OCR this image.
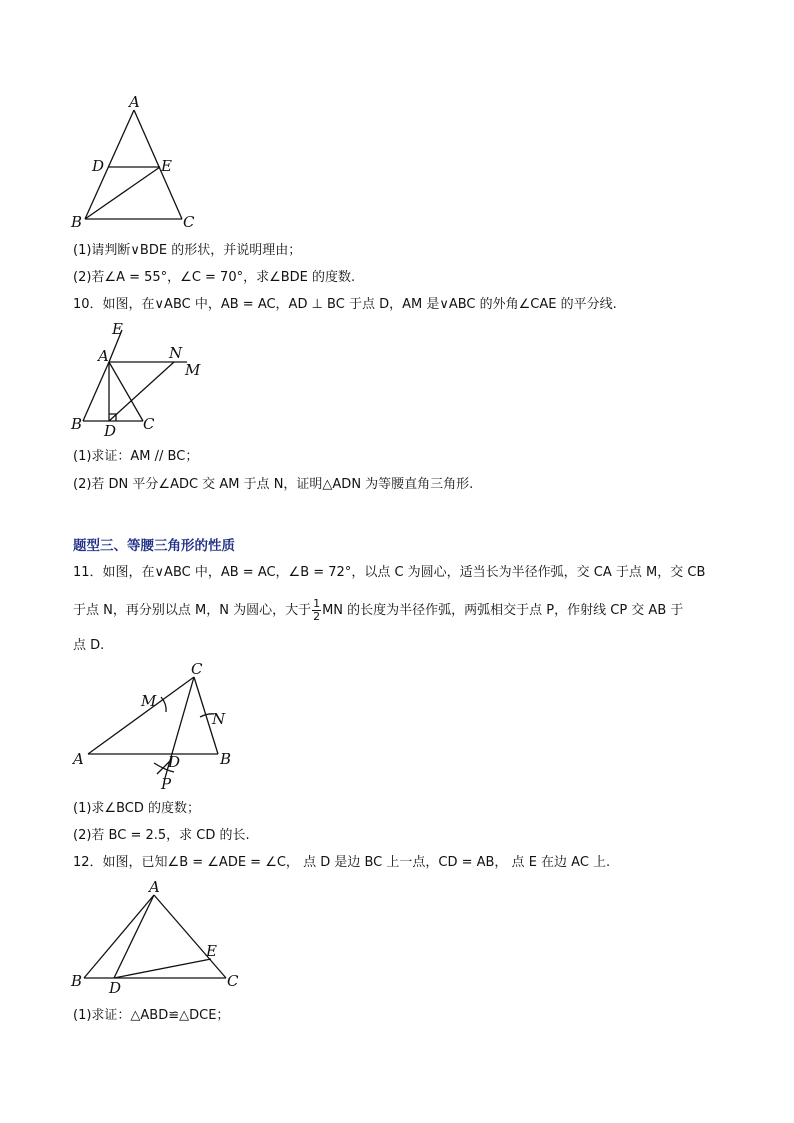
A
D	E
B	C
(1)请判断∨BDE 的形状，并说明理由；
(2)若∠A = 55°，∠C = 70°，求∠BDE 的度数.
10．如图，在∨ABC 中，AB = AC，AD ⊥ BC 于点 D，AM 是∨ABC 的外角∠CAE 的平分线.
E
A	N
M
B D C
(1)求证：AM // BC；
(2)若 DN 平分∠ADC 交 AM 于点 N，证明△ADN 为等腰直角三角形.
题型三、等腰三角形的性质
11．如图，在∨ABC 中，AB = AC，∠B = 72°，以点 C 为圆心，适当长为半径作弧，交 CA 于点 M，交 CB
于点 N，再分别以点 M，N 为圆心，大于 $\frac{1}{2}$ MN 的长度为半径作弧，两弧相交于点 P，作射线 CP 交 AB 于
点 D.
C
M
N
A	D	B
P
(1)求∠BCD 的度数；
(2)若 BC = 2.5，求 CD 的长.
12．如图，已知∠B = ∠ADE = ∠C， 点 D 是边 BC 上一点，CD = AB， 点 E 在边 AC 上.
A
E
B D	C
(1)求证：△ABD≌△DCE；
